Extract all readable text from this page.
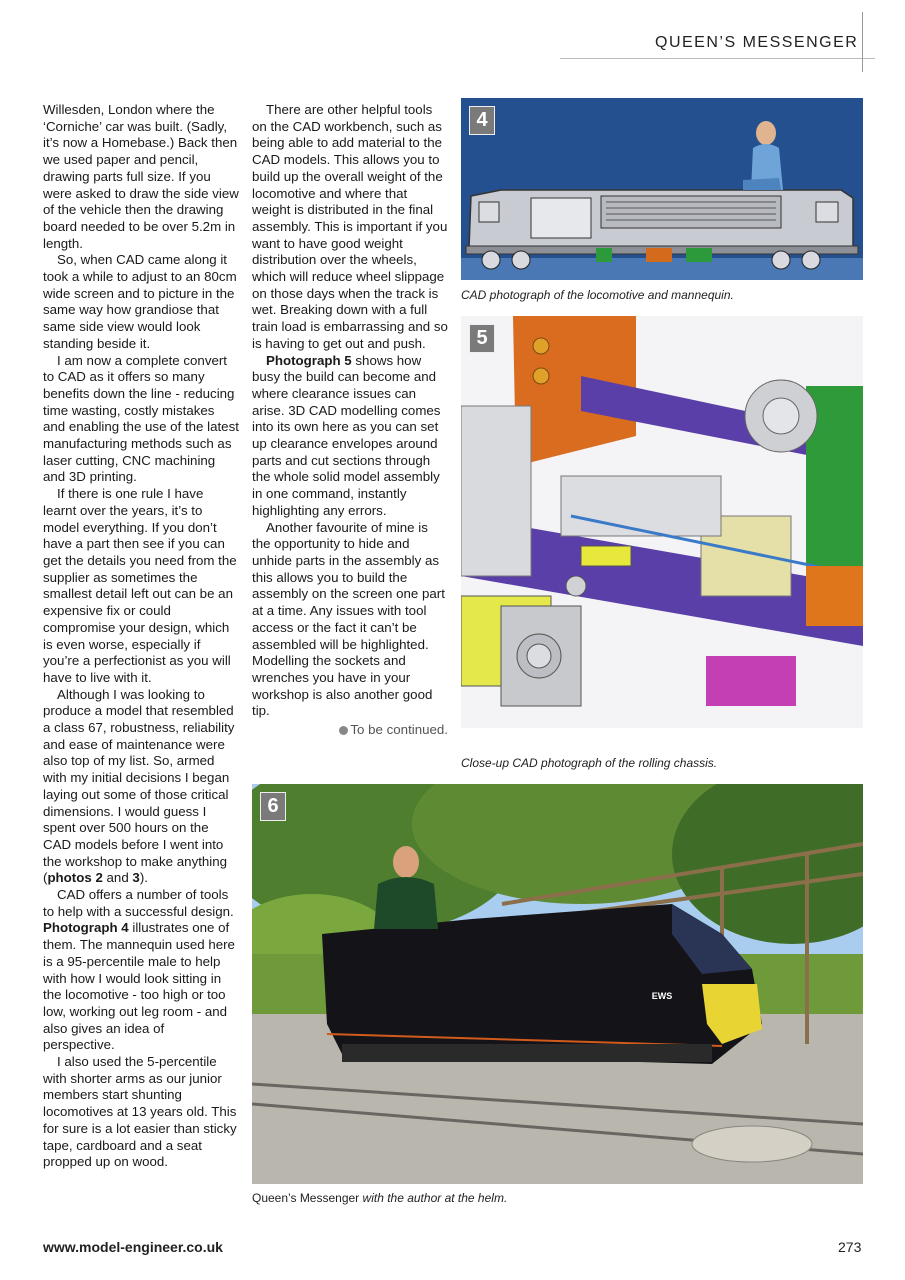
QUEEN’S MESSENGER

Willesden, London where the ‘Corniche’ car was built. (Sadly, it’s now a Homebase.) Back then we used paper and pencil, drawing parts full size. If you were asked to draw the side view of the vehicle then the drawing board needed to be over 5.2m in length.

So, when CAD came along it took a while to adjust to an 80cm wide screen and to picture in the same way how grandiose that same side view would look standing beside it.

I am now a complete convert to CAD as it offers so many benefits down the line - reducing time wasting, costly mistakes and enabling the use of the latest manufacturing methods such as laser cutting, CNC machining and 3D printing.

If there is one rule I have learnt over the years, it’s to model everything. If you don’t have a part then see if you can get the details you need from the supplier as sometimes the smallest detail left out can be an expensive fix or could compromise your design, which is even worse, especially if you’re a perfectionist as you will have to live with it.

Although I was looking to produce a model that resembled a class 67, robustness, reliability and ease of maintenance were also top of my list. So, armed with my initial decisions I began laying out some of those critical dimensions. I would guess I spent over 500 hours on the CAD models before I went into the workshop to make anything (photos 2 and 3).

CAD offers a number of tools to help with a successful design. Photograph 4 illustrates one of them. The mannequin used here is a 95-percentile male to help with how I would look sitting in the locomotive - too high or too low, working out leg room - and also gives an idea of perspective.

I also used the 5-percentile with shorter arms as our junior members start shunting locomotives at 13 years old. This for sure is a lot easier than sticky tape, cardboard and a seat propped up on wood.

There are other helpful tools on the CAD workbench, such as being able to add material to the CAD models. This allows you to build up the overall weight of the locomotive and where that weight is distributed in the final assembly. This is important if you want to have good weight distribution over the wheels, which will reduce wheel slippage on those days when the track is wet. Breaking down with a full train load is embarrassing and so is having to get out and push.

Photograph 5 shows how busy the build can become and where clearance issues can arise. 3D CAD modelling comes into its own here as you can set up clearance envelopes around parts and cut sections through the whole solid model assembly in one command, instantly highlighting any errors.

Another favourite of mine is the opportunity to hide and unhide parts in the assembly as this allows you to build the assembly on the screen one part at a time. Any issues with tool access or the fact it can’t be assembled will be highlighted. Modelling the sockets and wrenches you have in your workshop is also another good tip.

To be continued.

4
CAD photograph of the locomotive and mannequin.
5
Close-up CAD photograph of the rolling chassis.
EWS
6
Queen’s Messenger with the author at the helm.
www.model-engineer.co.uk	273
